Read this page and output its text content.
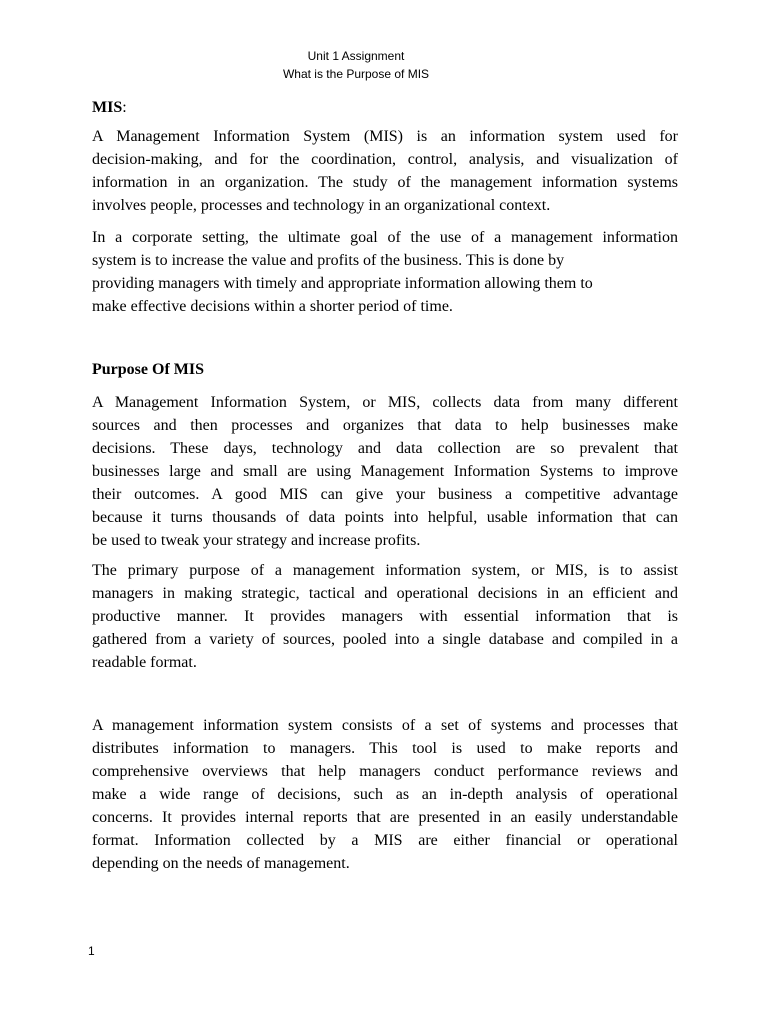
Unit 1 Assignment
What is the Purpose of MIS
MIS:
A Management Information System (MIS) is an information system used for
decision-making, and for the coordination, control, analysis, and visualization of
information in an organization. The study of the management information systems
involves people, processes and technology in an organizational context.
In a corporate setting, the ultimate goal of the use of a management information
system is to increase the value and profits of the business. This is done by
providing managers with timely and appropriate information allowing them to
make effective decisions within a shorter period of time.
Purpose Of MIS
A Management Information System, or MIS, collects data from many different
sources and then processes and organizes that data to help businesses make
decisions. These days, technology and data collection are so prevalent that
businesses large and small are using Management Information Systems to improve
their outcomes. A good MIS can give your business a competitive advantage
because it turns thousands of data points into helpful, usable information that can
be used to tweak your strategy and increase profits.
The primary purpose of a management information system, or MIS, is to assist
managers in making strategic, tactical and operational decisions in an efficient and
productive manner. It provides managers with essential information that is
gathered from a variety of sources, pooled into a single database and compiled in a
readable format.
A management information system consists of a set of systems and processes that
distributes information to managers. This tool is used to make reports and
comprehensive overviews that help managers conduct performance reviews and
make a wide range of decisions, such as an in-depth analysis of operational
concerns. It provides internal reports that are presented in an easily understandable
format. Information collected by a MIS are either financial or operational
depending on the needs of management.
1
